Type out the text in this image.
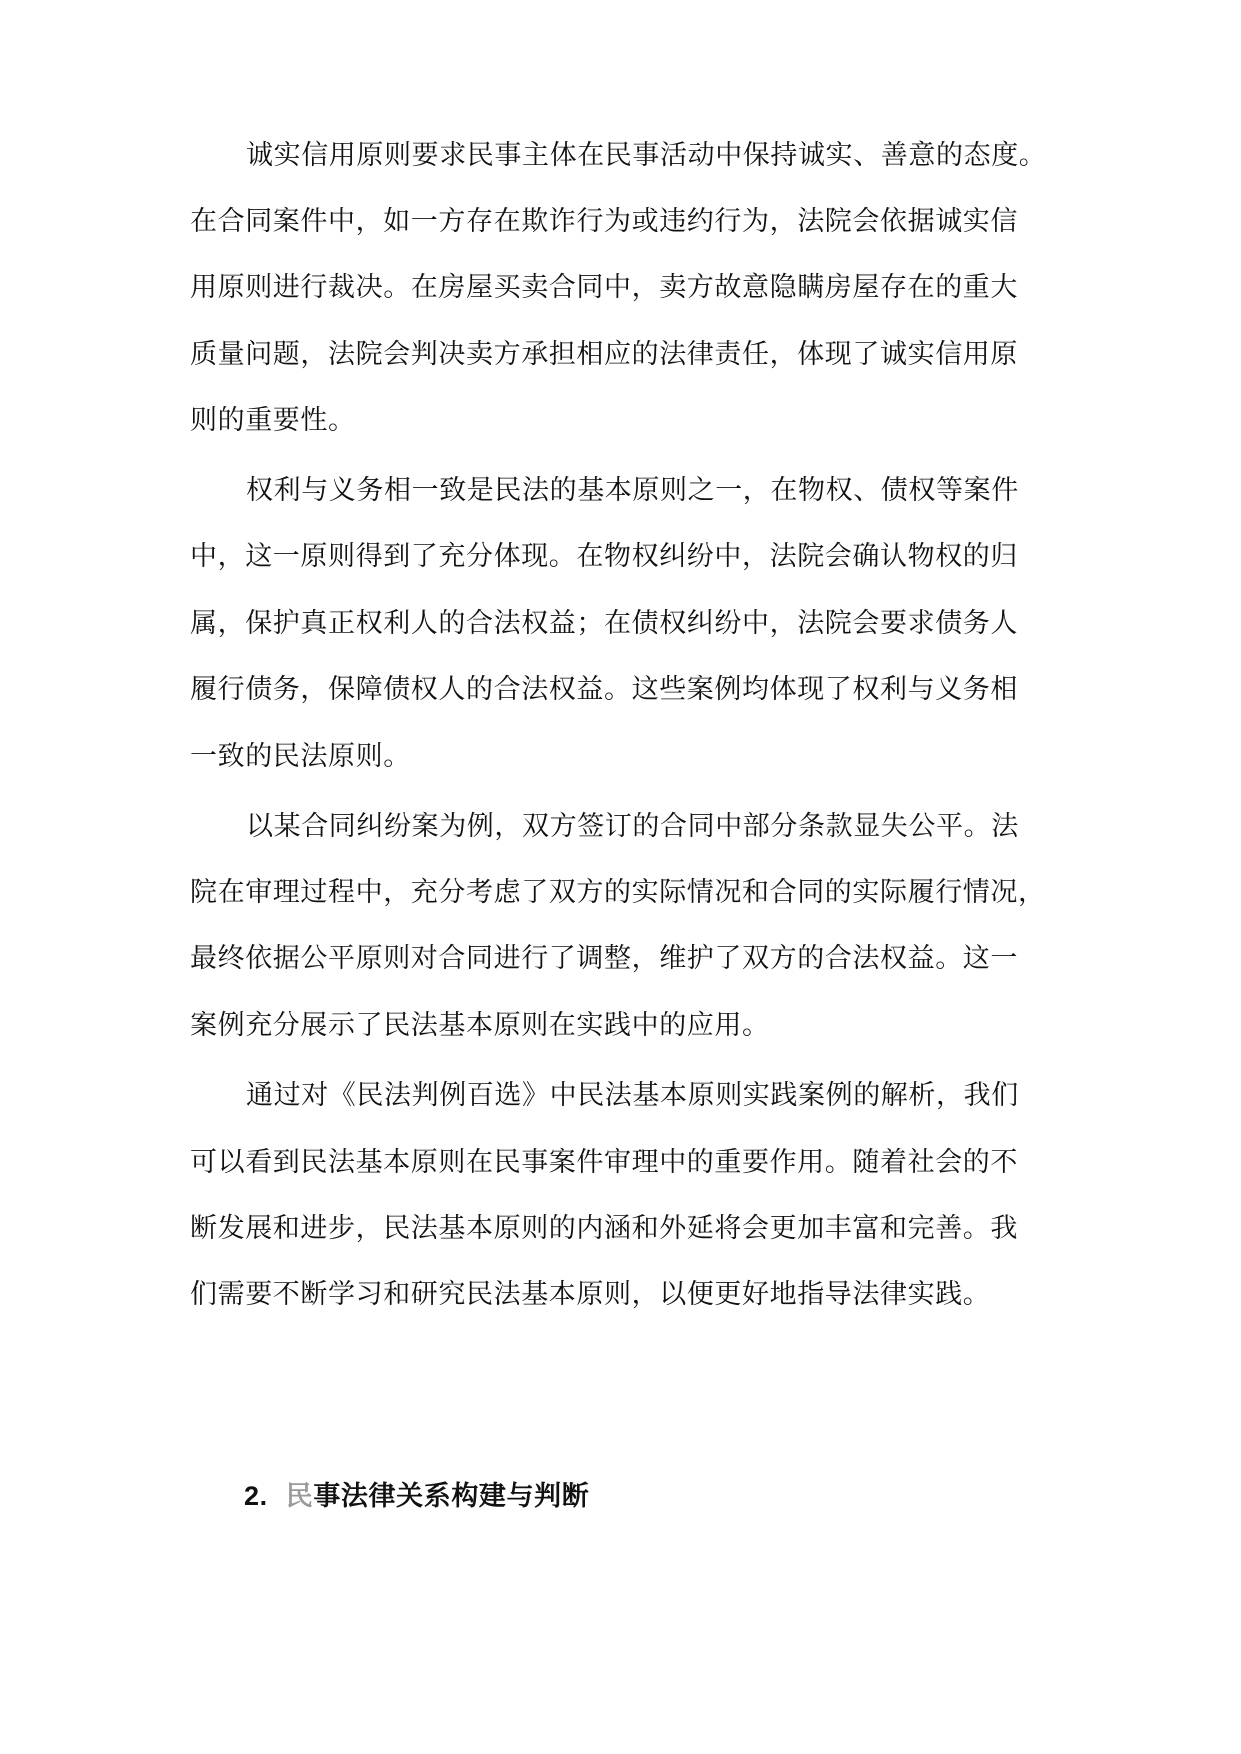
诚实信用原则要求民事主体在民事活动中保持诚实、善意的态度。
在合同案件中，如一方存在欺诈行为或违约行为，法院会依据诚实信
用原则进行裁决。在房屋买卖合同中，卖方故意隐瞒房屋存在的重大
质量问题，法院会判决卖方承担相应的法律责任，体现了诚实信用原
则的重要性。
权利与义务相一致是民法的基本原则之一，在物权、债权等案件
中，这一原则得到了充分体现。在物权纠纷中，法院会确认物权的归
属，保护真正权利人的合法权益；在债权纠纷中，法院会要求债务人
履行债务，保障债权人的合法权益。这些案例均体现了权利与义务相
一致的民法原则。
以某合同纠纷案为例，双方签订的合同中部分条款显失公平。法
院在审理过程中，充分考虑了双方的实际情况和合同的实际履行情况，
最终依据公平原则对合同进行了调整，维护了双方的合法权益。这一
案例充分展示了民法基本原则在实践中的应用。
通过对《民法判例百选》中民法基本原则实践案例的解析，我们
可以看到民法基本原则在民事案件审理中的重要作用。随着社会的不
断发展和进步，民法基本原则的内涵和外延将会更加丰富和完善。我
们需要不断学习和研究民法基本原则，以便更好地指导法律实践。
2. 民事法律关系构建与判断
